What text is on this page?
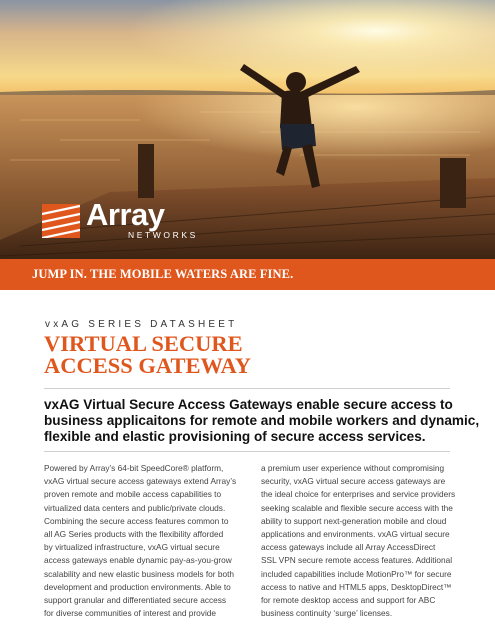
Array
NETWORKS
JUMP IN. THE MOBILE WATERS ARE FINE.
vxAG SERIES DATASHEET
VIRTUAL SECURE
ACCESS GATEWAY
vxAG Virtual Secure Access Gateways enable secure access to
business applicaitons for remote and mobile workers and dynamic,
flexible and elastic provisioning of secure access services.
Powered by Array’s 64-bit SpeedCore® platform,
vxAG virtual secure access gateways extend Array’s
proven remote and mobile access capabilities to
virtualized data centers and public/private clouds.
Combining the secure access features common to
all AG Series products with the flexibility afforded
by virtualized infrastructure, vxAG virtual secure
access gateways enable dynamic pay-as-you-grow
scalability and new elastic business models for both
development and production environments. Able to
support granular and differentiated secure access
for diverse communities of interest and provide
a premium user experience without compromising
security, vxAG virtual secure access gateways are
the ideal choice for enterprises and service providers
seeking scalable and flexible secure access with the
ability to support next-generation mobile and cloud
applications and environments. vxAG virtual secure
access gateways include all Array AccessDirect
SSL VPN secure remote access features. Additional
included capabilities include MotionPro™ for secure
access to native and HTML5 apps, DesktopDirect™
for remote desktop access and support for ABC
business continuity ‘surge’ licenses.
